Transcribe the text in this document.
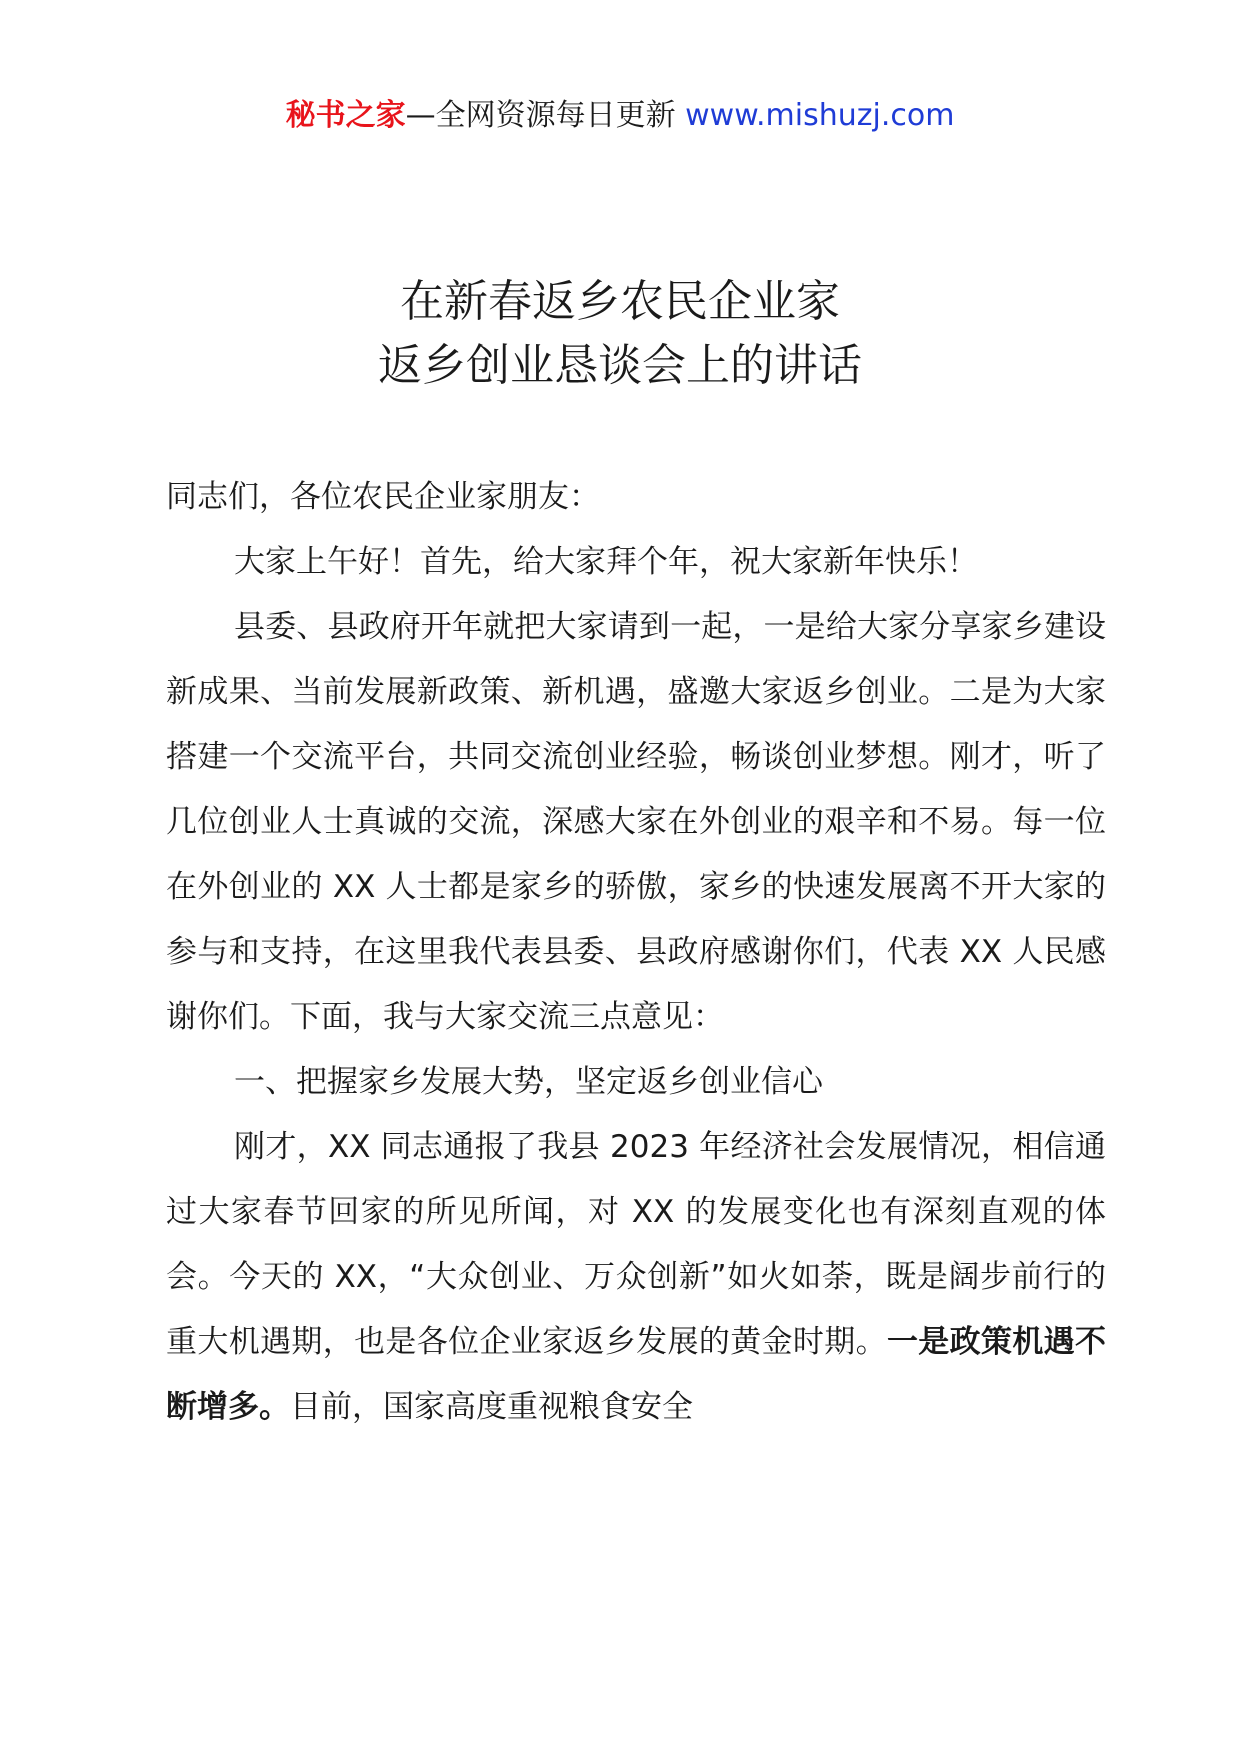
秘书之家—全网资源每日更新 www.mishuzj.com
在新春返乡农民企业家
返乡创业恳谈会上的讲话

同志们，各位农民企业家朋友：

大家上午好！首先，给大家拜个年，祝大家新年快乐！

县委、县政府开年就把大家请到一起，一是给大家分享家乡建设新成果、当前发展新政策、新机遇，盛邀大家返乡创业。二是为大家搭建一个交流平台，共同交流创业经验，畅谈创业梦想。刚才，听了几位创业人士真诚的交流，深感大家在外创业的艰辛和不易。每一位在外创业的 XX 人士都是家乡的骄傲，家乡的快速发展离不开大家的参与和支持，在这里我代表县委、县政府感谢你们，代表 XX 人民感谢你们。下面，我与大家交流三点意见：

一、把握家乡发展大势，坚定返乡创业信心

刚才，XX 同志通报了我县 2023 年经济社会发展情况，相信通过大家春节回家的所见所闻，对 XX 的发展变化也有深刻直观的体会。今天的 XX，“大众创业、万众创新”如火如荼，既是阔步前行的重大机遇期，也是各位企业家返乡发展的黄金时期。一是政策机遇不断增多。目前，国家高度重视粮食安全
